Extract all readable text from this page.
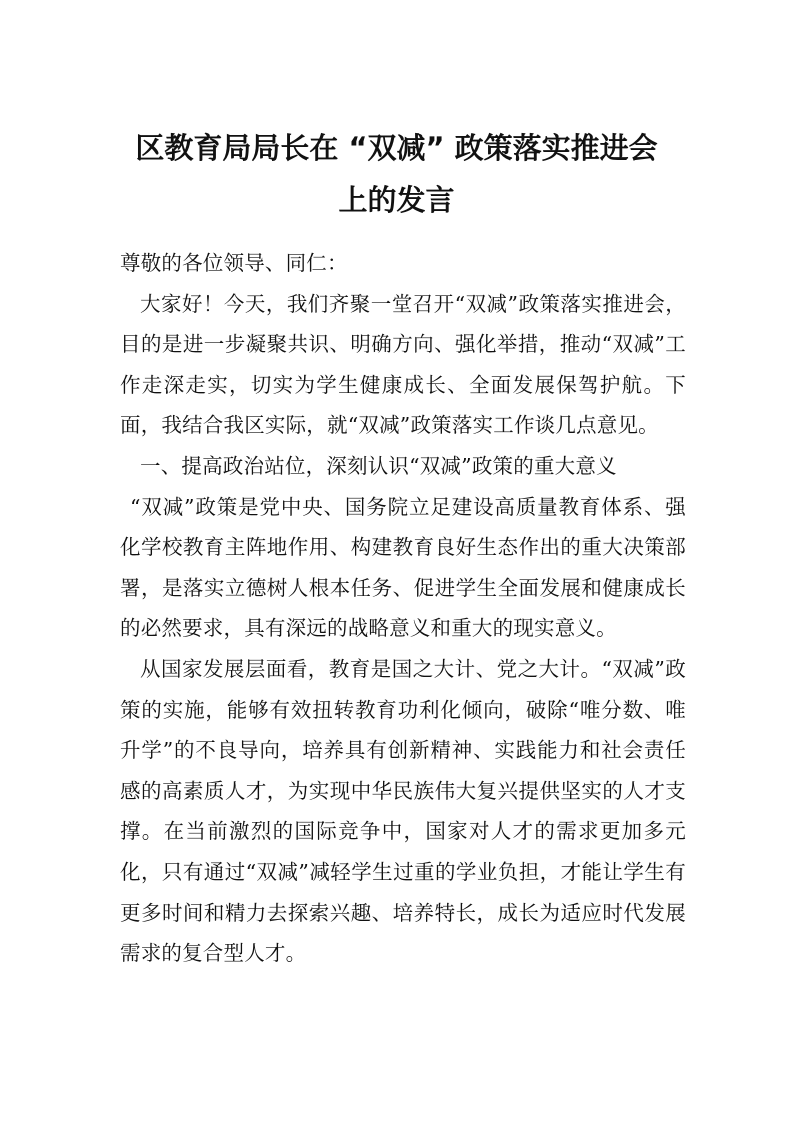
区教育局局长在 “双减” 政策落实推进会
上的发言

尊敬的各位领导、同仁：

大家好！今天，我们齐聚一堂召开“双减”政策落实推进会，目的是进一步凝聚共识、明确方向、强化举措，推动“双减”工作走深走实，切实为学生健康成长、全面发展保驾护航。下面，我结合我区实际，就“双减”政策落实工作谈几点意见。

一、提高政治站位，深刻认识“双减”政策的重大意义

“双减”政策是党中央、国务院立足建设高质量教育体系、强化学校教育主阵地作用、构建教育良好生态作出的重大决策部署，是落实立德树人根本任务、促进学生全面发展和健康成长的必然要求，具有深远的战略意义和重大的现实意义。

从国家发展层面看，教育是国之大计、党之大计。“双减”政策的实施，能够有效扭转教育功利化倾向，破除“唯分数、唯升学”的不良导向，培养具有创新精神、实践能力和社会责任感的高素质人才，为实现中华民族伟大复兴提供坚实的人才支撑。在当前激烈的国际竞争中，国家对人才的需求更加多元化，只有通过“双减”减轻学生过重的学业负担，才能让学生有更多时间和精力去探索兴趣、培养特长，成长为适应时代发展需求的复合型人才。
